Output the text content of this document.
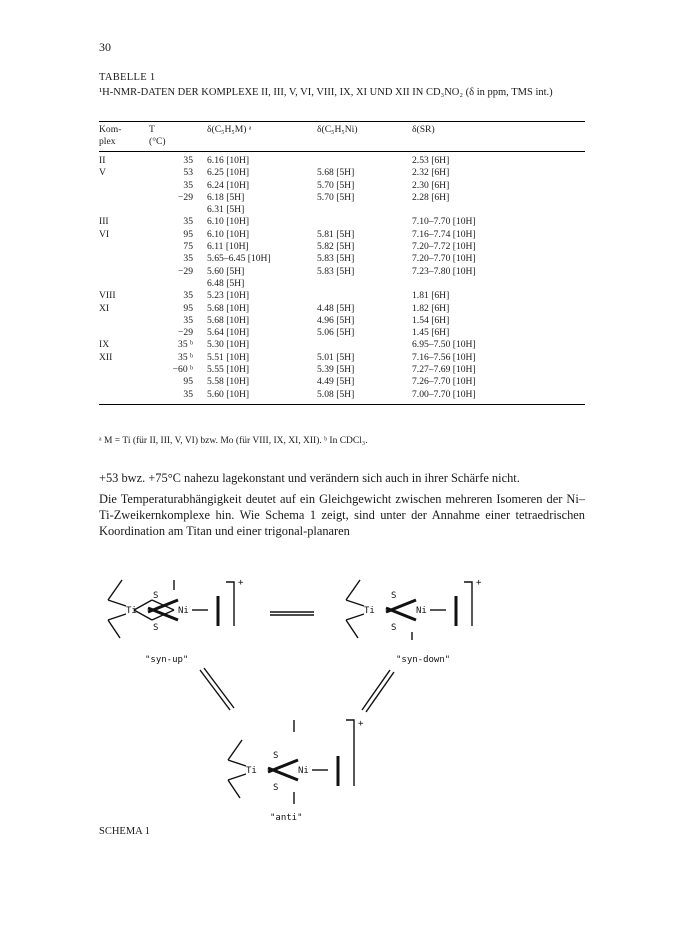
30
TABELLE 1
¹H-NMR-DATEN DER KOMPLEXE II, III, V, VI, VIII, IX, XI UND XII IN CD₃NO₂ (δ in ppm, TMS int.)
Kom-	T	δ(C₅H₅M) ᵃ	δ(C₅H₅Ni)	δ(SR)
plex	(°C)			
II	35	6.16 [10H]		2.53 [6H]
V	53	6.25 [10H]	5.68 [5H]	2.32 [6H]
	35	6.24 [10H]	5.70 [5H]	2.30 [6H]
	−29	6.18 [5H]	5.70 [5H]	2.28 [6H]
		6.31 [5H]		
III	35	6.10 [10H]		7.10–7.70 [10H]
VI	95	6.10 [10H]	5.81 [5H]	7.16–7.74 [10H]
	75	6.11 [10H]	5.82 [5H]	7.20–7.72 [10H]
	35	5.65–6.45 [10H]	5.83 [5H]	7.20–7.70 [10H]
	−29	5.60 [5H]	5.83 [5H]	7.23–7.80 [10H]
		6.48 [5H]		
VIII	35	5.23 [10H]		1.81 [6H]
XI	95	5.68 [10H]	4.48 [5H]	1.82 [6H]
	35	5.68 [10H]	4.96 [5H]	1.54 [6H]
	−29	5.64 [10H]	5.06 [5H]	1.45 [6H]
IX	35 ᵇ	5.30 [10H]		6.95–7.50 [10H]
XII	35 ᵇ	5.51 [10H]	5.01 [5H]	7.16–7.56 [10H]
	−60 ᵇ	5.55 [10H]	5.39 [5H]	7.27–7.69 [10H]
	95	5.58 [10H]	4.49 [5H]	7.26–7.70 [10H]
	35	5.60 [10H]	5.08 [5H]	7.00–7.70 [10H]
ᵃ M = Ti (für II, III, V, VI) bzw. Mo (für VIII, IX, XI, XII). ᵇ In CDCl₃.

+53 bwz. +75°C nahezu lagekonstant und verändern sich auch in ihrer Schärfe nicht.

Die Temperaturabhängigkeit deutet auf ein Gleichgewicht zwischen mehreren Isomeren der Ni–Ti-Zweikernkomplexe hin. Wie Schema 1 zeigt, sind unter der Annahme einer tetraedrischen Koordination am Titan und einer trigonal-planaren

Ti	Ni
S
S
+
"syn-up"
Ti	Ni
S
S
+
"syn-down"
Ti	Ni
S
S
+
"anti"
SCHEMA 1
